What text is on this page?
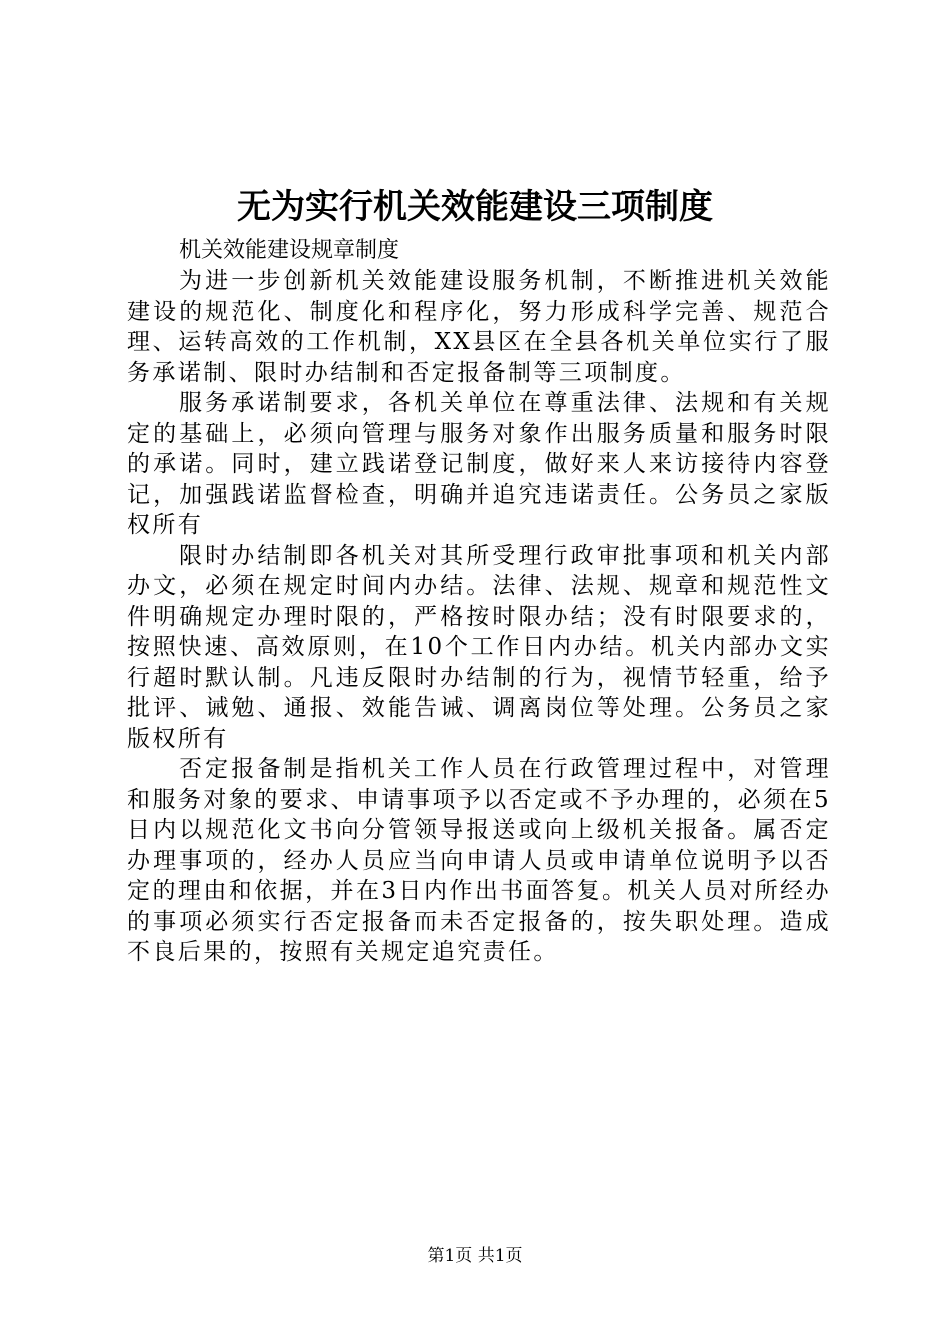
无为实行机关效能建设三项制度

机关效能建设规章制度

为进一步创新机关效能建设服务机制，不断推进机关效能建设的规范化、制度化和程序化，努力形成科学完善、规范合理、运转高效的工作机制，XX县区在全县各机关单位实行了服务承诺制、限时办结制和否定报备制等三项制度。

服务承诺制要求，各机关单位在尊重法律、法规和有关规定的基础上，必须向管理与服务对象作出服务质量和服务时限的承诺。同时，建立践诺登记制度，做好来人来访接待内容登记，加强践诺监督检查，明确并追究违诺责任。公务员之家版权所有

限时办结制即各机关对其所受理行政审批事项和机关内部办文，必须在规定时间内办结。法律、法规、规章和规范性文件明确规定办理时限的，严格按时限办结；没有时限要求的，按照快速、高效原则，在10个工作日内办结。机关内部办文实行超时默认制。凡违反限时办结制的行为，视情节轻重，给予批评、诫勉、通报、效能告诫、调离岗位等处理。公务员之家版权所有

否定报备制是指机关工作人员在行政管理过程中，对管理和服务对象的要求、申请事项予以否定或不予办理的，必须在5日内以规范化文书向分管领导报送或向上级机关报备。属否定办理事项的，经办人员应当向申请人员或申请单位说明予以否定的理由和依据，并在3日内作出书面答复。机关人员对所经办的事项必须实行否定报备而未否定报备的，按失职处理。造成不良后果的，按照有关规定追究责任。

第1页 共1页
